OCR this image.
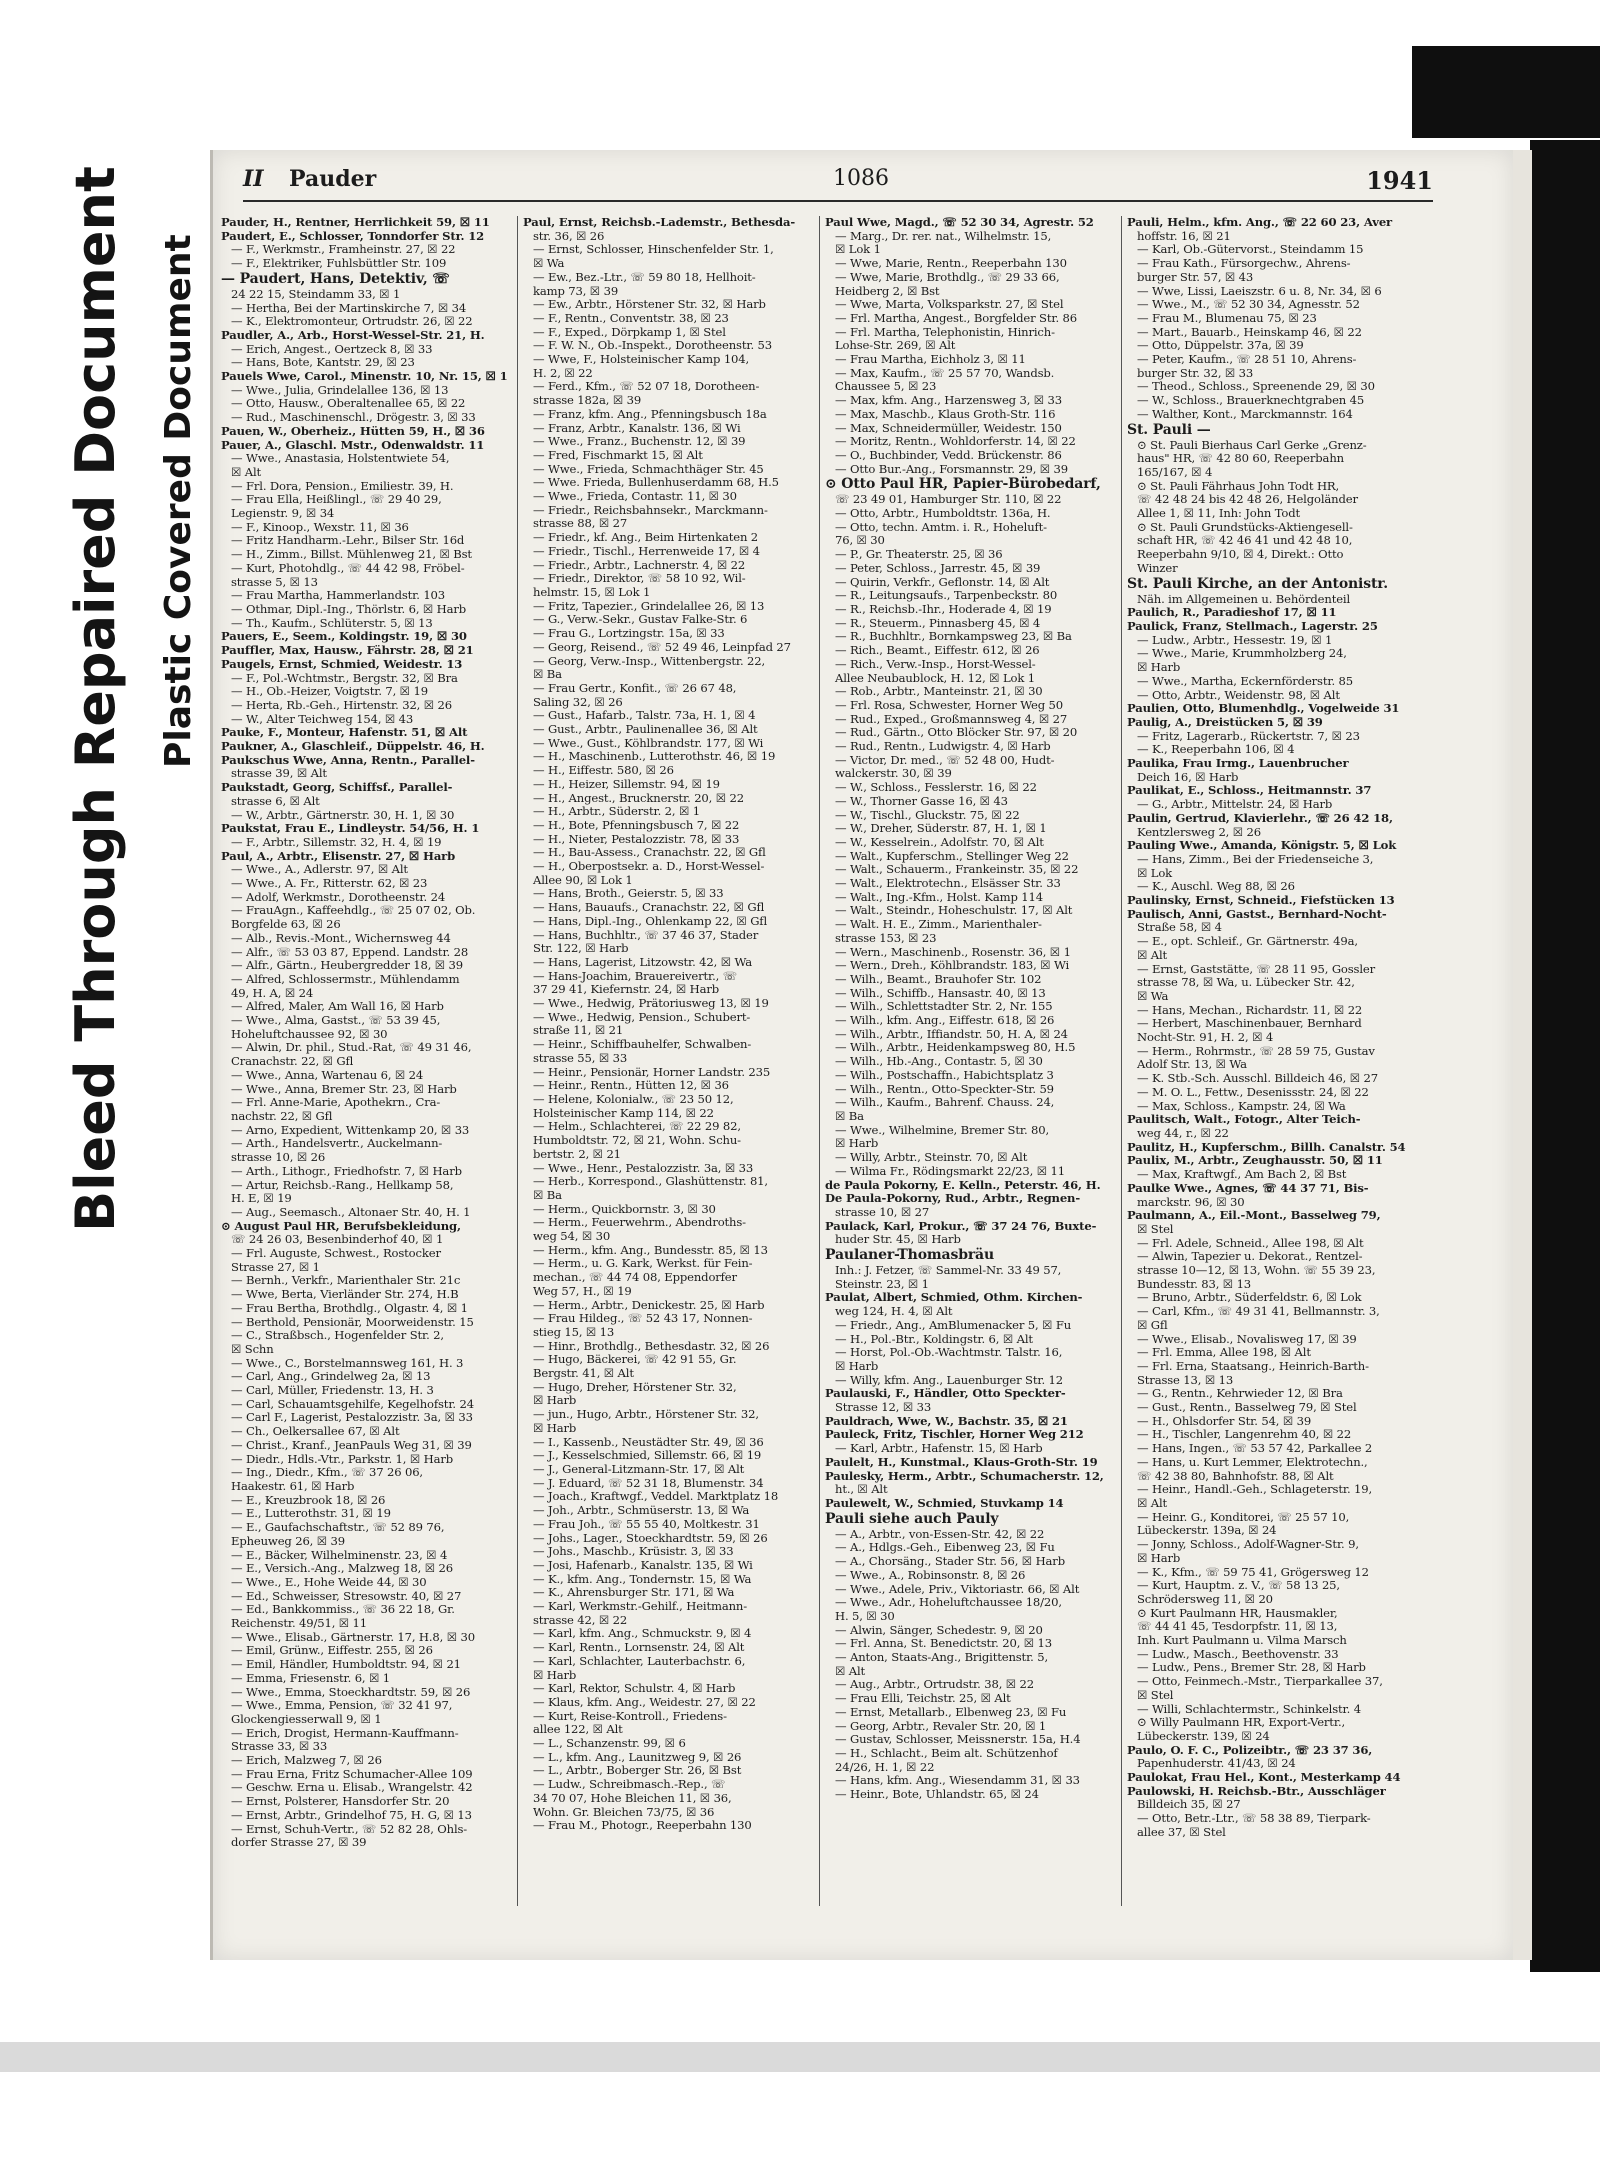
Bleed Through Repaired Document Plastic Covered Document
II Pauder	1086	1941
Pauder, H., Rentner, Herrlichkeit 59, ☒ 11
Paudert, E., Schlosser, Tonndorfer Str. 12
— F., Werkmstr., Framheinstr. 27, ☒ 22
— F., Elektriker, Fuhlsbüttler Str. 109
— Paudert, Hans, Detektiv, ☏
24 22 15, Steindamm 33, ☒ 1
— Hertha, Bei der Martinskirche 7, ☒ 34
— K., Elektromonteur, Ortrudstr. 26, ☒ 22
Paudler, A., Arb., Horst-Wessel-Str. 21, H.
— Erich, Angest., Oertzeck 8, ☒ 33
— Hans, Bote, Kantstr. 29, ☒ 23
Pauels Wwe, Carol., Minenstr. 10, Nr. 15, ☒ 1
— Wwe., Julia, Grindelallee 136, ☒ 13
— Otto, Hausw., Oberaltenallee 65, ☒ 22
— Rud., Maschinenschl., Drögestr. 3, ☒ 33
Pauen, W., Oberheiz., Hütten 59, H., ☒ 36
Pauer, A., Glaschl. Mstr., Odenwaldstr. 11
— Wwe., Anastasia, Holstentwiete 54,
☒ Alt
— Frl. Dora, Pension., Emiliestr. 39, H.
— Frau Ella, Heißlingl., ☏ 29 40 29,
Legienstr. 9, ☒ 34
— F., Kinoop., Wexstr. 11, ☒ 36
— Fritz Handharm.-Lehr., Bilser Str. 16d
— H., Zimm., Billst. Mühlenweg 21, ☒ Bst
— Kurt, Photohdlg., ☏ 44 42 98, Fröbel-
strasse 5, ☒ 13
— Frau Martha, Hammerlandstr. 103
— Othmar, Dipl.-Ing., Thörlstr. 6, ☒ Harb
— Th., Kaufm., Schlüterstr. 5, ☒ 13
Pauers, E., Seem., Koldingstr. 19, ☒ 30
Pauffler, Max, Hausw., Fährstr. 28, ☒ 21
Paugels, Ernst, Schmied, Weidestr. 13
— F., Pol.-Wchtmstr., Bergstr. 32, ☒ Bra
— H., Ob.-Heizer, Voigtstr. 7, ☒ 19
— Herta, Rb.-Geh., Hirtenstr. 32, ☒ 26
— W., Alter Teichweg 154, ☒ 43
Pauke, F., Monteur, Hafenstr. 51, ☒ Alt
Paukner, A., Glaschleif., Düppelstr. 46, H.
Paukschus Wwe, Anna, Rentn., Parallel-
strasse 39, ☒ Alt
Paukstadt, Georg, Schiffsf., Parallel-
strasse 6, ☒ Alt
— W., Arbtr., Gärtnerstr. 30, H. 1, ☒ 30
Paukstat, Frau E., Lindleystr. 54/56, H. 1
— F., Arbtr., Sillemstr. 32, H. 4, ☒ 19
Paul, A., Arbtr., Elisenstr. 27, ☒ Harb
— Wwe., A., Adlerstr. 97, ☒ Alt
— Wwe., A. Fr., Ritterstr. 62, ☒ 23
— Adolf, Werkmstr., Dorotheenstr. 24
— FrauAgn., Kaffeehdlg., ☏ 25 07 02, Ob.
Borgfelde 63, ☒ 26
— Alb., Revis.-Mont., Wichernsweg 44
— Alfr., ☏ 53 03 87, Eppend. Landstr. 28
— Alfr., Gärtn., Heubergredder 18, ☒ 39
— Alfred, Schlossermstr., Mühlendamm
49, H. A, ☒ 24
— Alfred, Maler, Am Wall 16, ☒ Harb
— Wwe., Alma, Gastst., ☏ 53 39 45,
Hoheluftchaussee 92, ☒ 30
— Alwin, Dr. phil., Stud.-Rat, ☏ 49 31 46,
Cranachstr. 22, ☒ Gfl
— Wwe., Anna, Wartenau 6, ☒ 24
— Wwe., Anna, Bremer Str. 23, ☒ Harb
— Frl. Anne-Marie, Apothekrn., Cra-
nachstr. 22, ☒ Gfl
— Arno, Expedient, Wittenkamp 20, ☒ 33
— Arth., Handelsvertr., Auckelmann-
strasse 10, ☒ 26
— Arth., Lithogr., Friedhofstr. 7, ☒ Harb
— Artur, Reichsb.-Rang., Hellkamp 58,
H. E, ☒ 19
— Aug., Seemasch., Altonaer Str. 40, H. 1
⊙ August Paul HR, Berufsbekleidung,
☏ 24 26 03, Besenbinderhof 40, ☒ 1
— Frl. Auguste, Schwest., Rostocker
Strasse 27, ☒ 1
— Bernh., Verkfr., Marienthaler Str. 21c
— Wwe, Berta, Vierländer Str. 274, H.B
— Frau Bertha, Brothdlg., Olgastr. 4, ☒ 1
— Berthold, Pensionär, Moorweidenstr. 15
— C., Straßbsch., Hogenfelder Str. 2,
☒ Schn
— Wwe., C., Borstelmannsweg 161, H. 3
— Carl, Ang., Grindelweg 2a, ☒ 13
— Carl, Müller, Friedenstr. 13, H. 3
— Carl, Schauamtsgehilfe, Kegelhofstr. 24
— Carl F., Lagerist, Pestalozzistr. 3a, ☒ 33
— Ch., Oelkersallee 67, ☒ Alt
— Christ., Kranf., JeanPauls Weg 31, ☒ 39
— Diedr., Hdls.-Vtr., Parkstr. 1, ☒ Harb
— Ing., Diedr., Kfm., ☏ 37 26 06,
Haakestr. 61, ☒ Harb
— E., Kreuzbrook 18, ☒ 26
— E., Lutterothstr. 31, ☒ 19
— E., Gaufachschaftstr., ☏ 52 89 76,
Epheuweg 26, ☒ 39
— E., Bäcker, Wilhelminenstr. 23, ☒ 4
— E., Versich.-Ang., Malzweg 18, ☒ 26
— Wwe., E., Hohe Weide 44, ☒ 30
— Ed., Schweisser, Stresowstr. 40, ☒ 27
— Ed., Bankkommiss., ☏ 36 22 18, Gr.
Reichenstr. 49/51, ☒ 11
— Wwe., Elisab., Gärtnerstr. 17, H.8, ☒ 30
— Emil, Grünw., Eiffestr. 255, ☒ 26
— Emil, Händler, Humboldtstr. 94, ☒ 21
— Emma, Friesenstr. 6, ☒ 1
— Wwe., Emma, Stoeckhardtstr. 59, ☒ 26
— Wwe., Emma, Pension, ☏ 32 41 97,
Glockengiesserwall 9, ☒ 1
— Erich, Drogist, Hermann-Kauffmann-
Strasse 33, ☒ 33
— Erich, Malzweg 7, ☒ 26
— Frau Erna, Fritz Schumacher-Allee 109
— Geschw. Erna u. Elisab., Wrangelstr. 42
— Ernst, Polsterer, Hansdorfer Str. 20
— Ernst, Arbtr., Grindelhof 75, H. G, ☒ 13
— Ernst, Schuh-Vertr., ☏ 52 82 28, Ohls-
dorfer Strasse 27, ☒ 39
Paul, Ernst, Reichsb.-Lademstr., Bethesda-
str. 36, ☒ 26
— Ernst, Schlosser, Hinschenfelder Str. 1,
☒ Wa
— Ew., Bez.-Ltr., ☏ 59 80 18, Hellhoit-
kamp 73, ☒ 39
— Ew., Arbtr., Hörstener Str. 32, ☒ Harb
— F., Rentn., Conventstr. 38, ☒ 23
— F., Exped., Dörpkamp 1, ☒ Stel
— F. W. N., Ob.-Inspekt., Dorotheenstr. 53
— Wwe, F., Holsteinischer Kamp 104,
H. 2, ☒ 22
— Ferd., Kfm., ☏ 52 07 18, Dorotheen-
strasse 182a, ☒ 39
— Franz, kfm. Ang., Pfenningsbusch 18a
— Franz, Arbtr., Kanalstr. 136, ☒ Wi
— Wwe., Franz., Buchenstr. 12, ☒ 39
— Fred, Fischmarkt 15, ☒ Alt
— Wwe., Frieda, Schmachthäger Str. 45
— Wwe. Frieda, Bullenhuserdamm 68, H.5
— Wwe., Frieda, Contastr. 11, ☒ 30
— Friedr., Reichsbahnsekr., Marckmann-
strasse 88, ☒ 27
— Friedr., kf. Ang., Beim Hirtenkaten 2
— Friedr., Tischl., Herrenweide 17, ☒ 4
— Friedr., Arbtr., Lachnerstr. 4, ☒ 22
— Friedr., Direktor, ☏ 58 10 92, Wil-
helmstr. 15, ☒ Lok 1
— Fritz, Tapezier., Grindelallee 26, ☒ 13
— G., Verw.-Sekr., Gustav Falke-Str. 6
— Frau G., Lortzingstr. 15a, ☒ 33
— Georg, Reisend., ☏ 52 49 46, Leinpfad 27
— Georg, Verw.-Insp., Wittenbergstr. 22,
☒ Ba
— Frau Gertr., Konfit., ☏ 26 67 48,
Saling 32, ☒ 26
— Gust., Hafarb., Talstr. 73a, H. 1, ☒ 4
— Gust., Arbtr., Paulinenallee 36, ☒ Alt
— Wwe., Gust., Köhlbrandstr. 177, ☒ Wi
— H., Maschinenb., Lutterothstr. 46, ☒ 19
— H., Eiffestr. 580, ☒ 26
— H., Heizer, Sillemstr. 94, ☒ 19
— H., Angest., Brucknerstr. 20, ☒ 22
— H., Arbtr., Süderstr. 2, ☒ 1
— H., Bote, Pfenningsbusch 7, ☒ 22
— H., Nieter, Pestalozzistr. 78, ☒ 33
— H., Bau-Assess., Cranachstr. 22, ☒ Gfl
— H., Oberpostsekr. a. D., Horst-Wessel-
Allee 90, ☒ Lok 1
— Hans, Broth., Geierstr. 5, ☒ 33
— Hans, Bauaufs., Cranachstr. 22, ☒ Gfl
— Hans, Dipl.-Ing., Ohlenkamp 22, ☒ Gfl
— Hans, Buchhltr., ☏ 37 46 37, Stader
Str. 122, ☒ Harb
— Hans, Lagerist, Litzowstr. 42, ☒ Wa
— Hans-Joachim, Brauereivertr., ☏
37 29 41, Kiefernstr. 24, ☒ Harb
— Wwe., Hedwig, Prätoriusweg 13, ☒ 19
— Wwe., Hedwig, Pension., Schubert-
straße 11, ☒ 21
— Heinr., Schiffbauhelfer, Schwalben-
strasse 55, ☒ 33
— Heinr., Pensionär, Horner Landstr. 235
— Heinr., Rentn., Hütten 12, ☒ 36
— Helene, Kolonialw., ☏ 23 50 12,
Holsteinischer Kamp 114, ☒ 22
— Helm., Schlachterei, ☏ 22 29 82,
Humboldtstr. 72, ☒ 21, Wohn. Schu-
bertstr. 2, ☒ 21
— Wwe., Henr., Pestalozzistr. 3a, ☒ 33
— Herb., Korrespond., Glashüttenstr. 81,
☒ Ba
— Herm., Quickbornstr. 3, ☒ 30
— Herm., Feuerwehrm., Abendroths-
weg 54, ☒ 30
— Herm., kfm. Ang., Bundesstr. 85, ☒ 13
— Herm., u. G. Kark, Werkst. für Fein-
mechan., ☏ 44 74 08, Eppendorfer
Weg 57, H., ☒ 19
— Herm., Arbtr., Denickestr. 25, ☒ Harb
— Frau Hildeg., ☏ 52 43 17, Nonnen-
stieg 15, ☒ 13
— Hinr., Brothdlg., Bethesdastr. 32, ☒ 26
— Hugo, Bäckerei, ☏ 42 91 55, Gr.
Bergstr. 41, ☒ Alt
— Hugo, Dreher, Hörstener Str. 32,
☒ Harb
— jun., Hugo, Arbtr., Hörstener Str. 32,
☒ Harb
— I., Kassenb., Neustädter Str. 49, ☒ 36
— J., Kesselschmied, Sillemstr. 66, ☒ 19
— J., General-Litzmann-Str. 17, ☒ Alt
— J. Eduard, ☏ 52 31 18, Blumenstr. 34
— Joach., Kraftwgf., Veddel. Marktplatz 18
— Joh., Arbtr., Schmüserstr. 13, ☒ Wa
— Frau Joh., ☏ 55 55 40, Moltkestr. 31
— Johs., Lager., Stoeckhardtstr. 59, ☒ 26
— Johs., Maschb., Krüsistr. 3, ☒ 33
— Josi, Hafenarb., Kanalstr. 135, ☒ Wi
— K., kfm. Ang., Tondernstr. 15, ☒ Wa
— K., Ahrensburger Str. 171, ☒ Wa
— Karl, Werkmstr.-Gehilf., Heitmann-
strasse 42, ☒ 22
— Karl, kfm. Ang., Schmuckstr. 9, ☒ 4
— Karl, Rentn., Lornsenstr. 24, ☒ Alt
— Karl, Schlachter, Lauterbachstr. 6,
☒ Harb
— Karl, Rektor, Schulstr. 4, ☒ Harb
— Klaus, kfm. Ang., Weidestr. 27, ☒ 22
— Kurt, Reise-Kontroll., Friedens-
allee 122, ☒ Alt
— L., Schanzenstr. 99, ☒ 6
— L., kfm. Ang., Launitzweg 9, ☒ 26
— L., Arbtr., Boberger Str. 26, ☒ Bst
— Ludw., Schreibmasch.-Rep., ☏
34 70 07, Hohe Bleichen 11, ☒ 36,
Wohn. Gr. Bleichen 73/75, ☒ 36
— Frau M., Photogr., Reeperbahn 130
Paul Wwe, Magd., ☏ 52 30 34, Agrestr. 52
— Marg., Dr. rer. nat., Wilhelmstr. 15,
☒ Lok 1
— Wwe, Marie, Rentn., Reeperbahn 130
— Wwe, Marie, Brothdlg., ☏ 29 33 66,
Heidberg 2, ☒ Bst
— Wwe, Marta, Volksparkstr. 27, ☒ Stel
— Frl. Martha, Angest., Borgfelder Str. 86
— Frl. Martha, Telephonistin, Hinrich-
Lohse-Str. 269, ☒ Alt
— Frau Martha, Eichholz 3, ☒ 11
— Max, Kaufm., ☏ 25 57 70, Wandsb.
Chaussee 5, ☒ 23
— Max, kfm. Ang., Harzensweg 3, ☒ 33
— Max, Maschb., Klaus Groth-Str. 116
— Max, Schneidermüller, Weidestr. 150
— Moritz, Rentn., Wohldorferstr. 14, ☒ 22
— O., Buchbinder, Vedd. Brückenstr. 86
— Otto Bur.-Ang., Forsmannstr. 29, ☒ 39
⊙ Otto Paul HR, Papier-Bürobedarf,
☏ 23 49 01, Hamburger Str. 110, ☒ 22
— Otto, Arbtr., Humboldtstr. 136a, H.
— Otto, techn. Amtm. i. R., Hoheluft-
76, ☒ 30
— P., Gr. Theaterstr. 25, ☒ 36
— Peter, Schloss., Jarrestr. 45, ☒ 39
— Quirin, Verkfr., Geflonstr. 14, ☒ Alt
— R., Leitungsaufs., Tarpenbeckstr. 80
— R., Reichsb.-Ihr., Hoderade 4, ☒ 19
— R., Steuerm., Pinnasberg 45, ☒ 4
— R., Buchhltr., Bornkampsweg 23, ☒ Ba
— Rich., Beamt., Eiffestr. 612, ☒ 26
— Rich., Verw.-Insp., Horst-Wessel-
Allee Neubaublock, H. 12, ☒ Lok 1
— Rob., Arbtr., Manteinstr. 21, ☒ 30
— Frl. Rosa, Schwester, Horner Weg 50
— Rud., Exped., Großmannsweg 4, ☒ 27
— Rud., Gärtn., Otto Blöcker Str. 97, ☒ 20
— Rud., Rentn., Ludwigstr. 4, ☒ Harb
— Victor, Dr. med., ☏ 52 48 00, Hudt-
walckerstr. 30, ☒ 39
— W., Schloss., Fesslerstr. 16, ☒ 22
— W., Thorner Gasse 16, ☒ 43
— W., Tischl., Gluckstr. 75, ☒ 22
— W., Dreher, Süderstr. 87, H. 1, ☒ 1
— W., Kesselrein., Adolfstr. 70, ☒ Alt
— Walt., Kupferschm., Stellinger Weg 22
— Walt., Schauerm., Frankeinstr. 35, ☒ 22
— Walt., Elektrotechn., Elsässer Str. 33
— Walt., Ing.-Kfm., Holst. Kamp 114
— Walt., Steindr., Hoheschulstr. 17, ☒ Alt
— Walt. H. E., Zimm., Marienthaler-
strasse 153, ☒ 23
— Wern., Maschinenb., Rosenstr. 36, ☒ 1
— Wern., Dreh., Köhlbrandstr. 183, ☒ Wi
— Wilh., Beamt., Brauhofer Str. 102
— Wilh., Schiffb., Hansastr. 40, ☒ 13
— Wilh., Schlettstadter Str. 2, Nr. 155
— Wilh., kfm. Ang., Eiffestr. 618, ☒ 26
— Wilh., Arbtr., Iffiandstr. 50, H. A, ☒ 24
— Wilh., Arbtr., Heidenkampsweg 80, H.5
— Wilh., Hb.-Ang., Contastr. 5, ☒ 30
— Wilh., Postschaffn., Habichtsplatz 3
— Wilh., Rentn., Otto-Speckter-Str. 59
— Wilh., Kaufm., Bahrenf. Chauss. 24,
☒ Ba
— Wwe., Wilhelmine, Bremer Str. 80,
☒ Harb
— Willy, Arbtr., Steinstr. 70, ☒ Alt
— Wilma Fr., Rödingsmarkt 22/23, ☒ 11
de Paula Pokorny, E. Kelln., Peterstr. 46, H.
De Paula-Pokorny, Rud., Arbtr., Regnen-
strasse 10, ☒ 27
Paulack, Karl, Prokur., ☏ 37 24 76, Buxte-
huder Str. 45, ☒ Harb
Paulaner-Thomasbräu
Inh.: J. Fetzer, ☏ Sammel-Nr. 33 49 57,
Steinstr. 23, ☒ 1
Paulat, Albert, Schmied, Othm. Kirchen-
weg 124, H. 4, ☒ Alt
— Friedr., Ang., AmBlumenacker 5, ☒ Fu
— H., Pol.-Btr., Koldingstr. 6, ☒ Alt
— Horst, Pol.-Ob.-Wachtmstr. Talstr. 16,
☒ Harb
— Willy, kfm. Ang., Lauenburger Str. 12
Paulauski, F., Händler, Otto Speckter-
Strasse 12, ☒ 33
Pauldrach, Wwe, W., Bachstr. 35, ☒ 21
Pauleck, Fritz, Tischler, Horner Weg 212
— Karl, Arbtr., Hafenstr. 15, ☒ Harb
Paulelt, H., Kunstmal., Klaus-Groth-Str. 19
Paulesky, Herm., Arbtr., Schumacherstr. 12,
ht., ☒ Alt
Paulewelt, W., Schmied, Stuvkamp 14
Pauli siehe auch Pauly
— A., Arbtr., von-Essen-Str. 42, ☒ 22
— A., Hdlgs.-Geh., Eibenweg 23, ☒ Fu
— A., Chorsäng., Stader Str. 56, ☒ Harb
— Wwe., A., Robinsonstr. 8, ☒ 26
— Wwe., Adele, Priv., Viktoriastr. 66, ☒ Alt
— Wwe., Adr., Hoheluftchaussee 18/20,
H. 5, ☒ 30
— Alwin, Sänger, Schedestr. 9, ☒ 20
— Frl. Anna, St. Benedictstr. 20, ☒ 13
— Anton, Staats-Ang., Brigittenstr. 5,
☒ Alt
— Aug., Arbtr., Ortrudstr. 38, ☒ 22
— Frau Elli, Teichstr. 25, ☒ Alt
— Ernst, Metallarb., Elbenweg 23, ☒ Fu
— Georg, Arbtr., Revaler Str. 20, ☒ 1
— Gustav, Schlosser, Meissnerstr. 15a, H.4
— H., Schlacht., Beim alt. Schützenhof
24/26, H. 1, ☒ 22
— Hans, kfm. Ang., Wiesendamm 31, ☒ 33
— Heinr., Bote, Uhlandstr. 65, ☒ 24
Pauli, Helm., kfm. Ang., ☏ 22 60 23, Aver
hoffstr. 16, ☒ 21
— Karl, Ob.-Gütervorst., Steindamm 15
— Frau Kath., Fürsorgechw., Ahrens-
burger Str. 57, ☒ 43
— Wwe, Lissi, Laeiszstr. 6 u. 8, Nr. 34, ☒ 6
— Wwe., M., ☏ 52 30 34, Agnesstr. 52
— Frau M., Blumenau 75, ☒ 23
— Mart., Bauarb., Heinskamp 46, ☒ 22
— Otto, Düppelstr. 37a, ☒ 39
— Peter, Kaufm., ☏ 28 51 10, Ahrens-
burger Str. 32, ☒ 33
— Theod., Schloss., Spreenende 29, ☒ 30
— W., Schloss., Brauerknechtgraben 45
— Walther, Kont., Marckmannstr. 164
St. Pauli —
⊙ St. Pauli Bierhaus Carl Gerke „Grenz-
haus" HR, ☏ 42 80 60, Reeperbahn
165/167, ☒ 4
⊙ St. Pauli Fährhaus John Todt HR,
☏ 42 48 24 bis 42 48 26, Helgoländer
Allee 1, ☒ 11, Inh: John Todt
⊙ St. Pauli Grundstücks-Aktiengesell-
schaft HR, ☏ 42 46 41 und 42 48 10,
Reeperbahn 9/10, ☒ 4, Direkt.: Otto
Winzer
St. Pauli Kirche, an der Antonistr.
Näh. im Allgemeinen u. Behördenteil
Paulich, R., Paradieshof 17, ☒ 11
Paulick, Franz, Stellmach., Lagerstr. 25
— Ludw., Arbtr., Hessestr. 19, ☒ 1
— Wwe., Marie, Krummholzberg 24,
☒ Harb
— Wwe., Martha, Eckernförderstr. 85
— Otto, Arbtr., Weidenstr. 98, ☒ Alt
Paulien, Otto, Blumenhdlg., Vogelweide 31
Paulig, A., Dreistücken 5, ☒ 39
— Fritz, Lagerarb., Rückertstr. 7, ☒ 23
— K., Reeperbahn 106, ☒ 4
Paulika, Frau Irmg., Lauenbrucher
Deich 16, ☒ Harb
Paulikat, E., Schloss., Heitmannstr. 37
— G., Arbtr., Mittelstr. 24, ☒ Harb
Paulin, Gertrud, Klavierlehr., ☏ 26 42 18,
Kentzlersweg 2, ☒ 26
Pauling Wwe., Amanda, Königstr. 5, ☒ Lok
— Hans, Zimm., Bei der Friedenseiche 3,
☒ Lok
— K., Auschl. Weg 88, ☒ 26
Paulinsky, Ernst, Schneid., Fiefstücken 13
Paulisch, Anni, Gastst., Bernhard-Nocht-
Straße 58, ☒ 4
— E., opt. Schleif., Gr. Gärtnerstr. 49a,
☒ Alt
— Ernst, Gaststätte, ☏ 28 11 95, Gossler
strasse 78, ☒ Wa, u. Lübecker Str. 42,
☒ Wa
— Hans, Mechan., Richardstr. 11, ☒ 22
— Herbert, Maschinenbauer, Bernhard
Nocht-Str. 91, H. 2, ☒ 4
— Herm., Rohrmstr., ☏ 28 59 75, Gustav
Adolf Str. 13, ☒ Wa
— K. Stb.-Sch. Ausschl. Billdeich 46, ☒ 27
— M. O. L., Fettw., Desenissstr. 24, ☒ 22
— Max, Schloss., Kampstr. 24, ☒ Wa
Paulitsch, Walt., Fotogr., Alter Teich-
weg 44, r., ☒ 22
Paulitz, H., Kupferschm., Billh. Canalstr. 54
Paulix, M., Arbtr., Zeughausstr. 50, ☒ 11
— Max, Kraftwgf., Am Bach 2, ☒ Bst
Paulke Wwe., Agnes, ☏ 44 37 71, Bis-
marckstr. 96, ☒ 30
Paulmann, A., Eil.-Mont., Basselweg 79,
☒ Stel
— Frl. Adele, Schneid., Allee 198, ☒ Alt
— Alwin, Tapezier u. Dekorat., Rentzel-
strasse 10—12, ☒ 13, Wohn. ☏ 55 39 23,
Bundesstr. 83, ☒ 13
— Bruno, Arbtr., Süderfeldstr. 6, ☒ Lok
— Carl, Kfm., ☏ 49 31 41, Bellmannstr. 3,
☒ Gfl
— Wwe., Elisab., Novalisweg 17, ☒ 39
— Frl. Emma, Allee 198, ☒ Alt
— Frl. Erna, Staatsang., Heinrich-Barth-
Strasse 13, ☒ 13
— G., Rentn., Kehrwieder 12, ☒ Bra
— Gust., Rentn., Basselweg 79, ☒ Stel
— H., Ohlsdorfer Str. 54, ☒ 39
— H., Tischler, Langenrehm 40, ☒ 22
— Hans, Ingen., ☏ 53 57 42, Parkallee 2
— Hans, u. Kurt Lemmer, Elektrotechn.,
☏ 42 38 80, Bahnhofstr. 88, ☒ Alt
— Heinr., Handl.-Geh., Schlageterstr. 19,
☒ Alt
— Heinr. G., Konditorei, ☏ 25 57 10,
Lübeckerstr. 139a, ☒ 24
— Jonny, Schloss., Adolf-Wagner-Str. 9,
☒ Harb
— K., Kfm., ☏ 59 75 41, Grögersweg 12
— Kurt, Hauptm. z. V., ☏ 58 13 25,
Schrödersweg 11, ☒ 20
⊙ Kurt Paulmann HR, Hausmakler,
☏ 44 41 45, Tesdorpfstr. 11, ☒ 13,
Inh. Kurt Paulmann u. Vilma Marsch
— Ludw., Masch., Beethovenstr. 33
— Ludw., Pens., Bremer Str. 28, ☒ Harb
— Otto, Feinmech.-Mstr., Tierparkallee 37,
☒ Stel
— Willi, Schlachtermstr., Schinkelstr. 4
⊙ Willy Paulmann HR, Export-Vertr.,
Lübeckerstr. 139, ☒ 24
Paulo, O. F. C., Polizeibtr., ☏ 23 37 36,
Papenhuderstr. 41/43, ☒ 24
Paulokat, Frau Hel., Kont., Mesterkamp 44
Paulowski, H. Reichsb.-Btr., Ausschläger
Billdeich 35, ☒ 27
— Otto, Betr.-Ltr., ☏ 58 38 89, Tierpark-
allee 37, ☒ Stel
